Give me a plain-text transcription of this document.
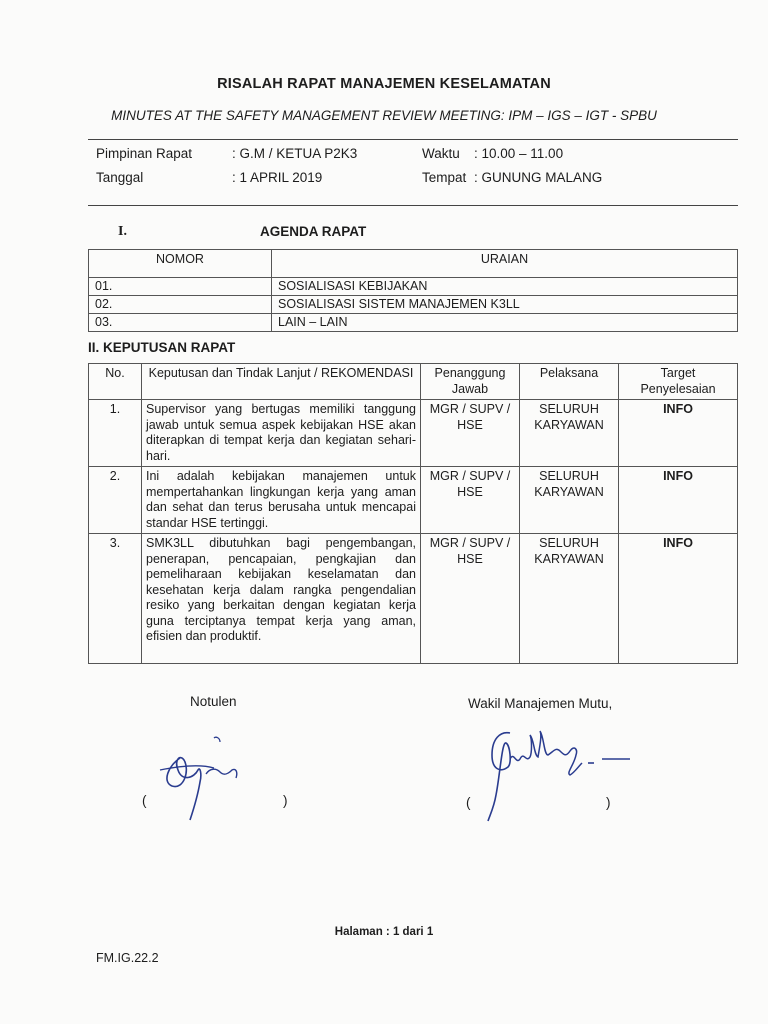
RISALAH RAPAT MANAJEMEN KESELAMATAN
MINUTES AT THE SAFETY MANAGEMENT REVIEW MEETING: IPM – IGS – IGT - SPBU
Pimpinan Rapat	: G.M / KETUA P2K3	Waktu : 10.00 – 11.00
Tanggal	: 1 APRIL 2019	Tempat : GUNUNG MALANG
I.	AGENDA RAPAT
NOMOR	URAIAN
01.	SOSIALISASI KEBIJAKAN
02.	SOSIALISASI SISTEM MANAJEMEN K3LL
03.	LAIN – LAIN
II. KEPUTUSAN RAPAT
No.	Keputusan dan Tindak Lanjut / REKOMENDASI	Penanggung Jawab	Pelaksana	Target Penyelesaian
1.	Supervisor yang bertugas memiliki tanggung jawab untuk semua aspek kebijakan HSE akan diterapkan di tempat kerja dan kegiatan sehari-hari.	MGR / SUPV / HSE	SELURUH KARYAWAN	INFO
2.	Ini adalah kebijakan manajemen untuk mempertahankan lingkungan kerja yang aman dan sehat dan terus berusaha untuk mencapai standar HSE tertinggi.	MGR / SUPV / HSE	SELURUH KARYAWAN	INFO
3.	SMK3LL dibutuhkan bagi pengembangan, penerapan, pencapaian, pengkajian dan pemeliharaan kebijakan keselamatan dan kesehatan kerja dalam rangka pengendalian resiko yang berkaitan dengan kegiatan kerja guna terciptanya tempat kerja yang aman, efisien dan produktif.	MGR / SUPV / HSE	SELURUH KARYAWAN	INFO
Notulen	Wakil Manajemen Mutu,
(	)	(	)
Halaman : 1 dari 1
FM.IG.22.2
